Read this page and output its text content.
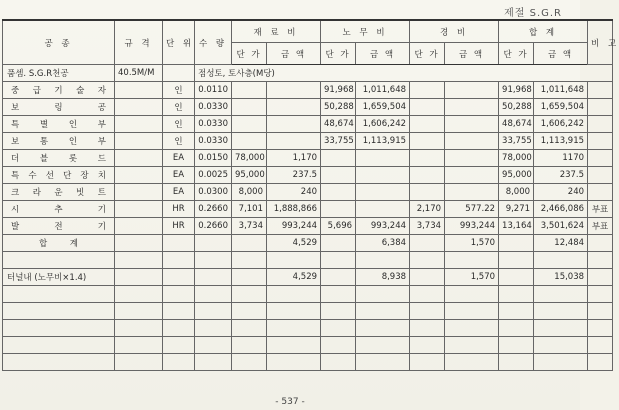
제절 S.G.R
공 종	규 격	단 위	수 량	재 료 비		노 무 비		경 비		합 계		비 고
				단 가	금 액	단 가	금 액	단 가	금 액	단 가	금 액	
품셈. S.G.R천공	40.5M/M		점성토, 토사층(M당)									
중 급 기 술 자		인	0.0110			91,968	1,011,648			91,968	1,011,648	
보 링 공		인	0.0330			50,288	1,659,504			50,288	1,659,504	
특 별 인 부		인	0.0330			48,674	1,606,242			48,674	1,606,242	
보 통 인 부		인	0.0330			33,755	1,113,915			33,755	1,113,915	
더 블 롯 드		EA	0.0150	78,000	1,170					78,000	1170	
특 수 선 단 장 치		EA	0.0025	95,000	237.5					95,000	237.5	
크 라 운 빗 트		EA	0.0300	8,000	240					8,000	240	
시 추 기		HR	0.2660	7,101	1,888,866			2,170	577.22	9,271	2,466,086	부표
발 전 기		HR	0.2660	3,734	993,244	5,696	993,244	3,734	993,244	13,164	3,501,624	부표
합 계					4,529		6,384		1,570		12,484	

터널내 (노무비×1.4)					4,529		8,938		1,570		15,038	

- 537 -
